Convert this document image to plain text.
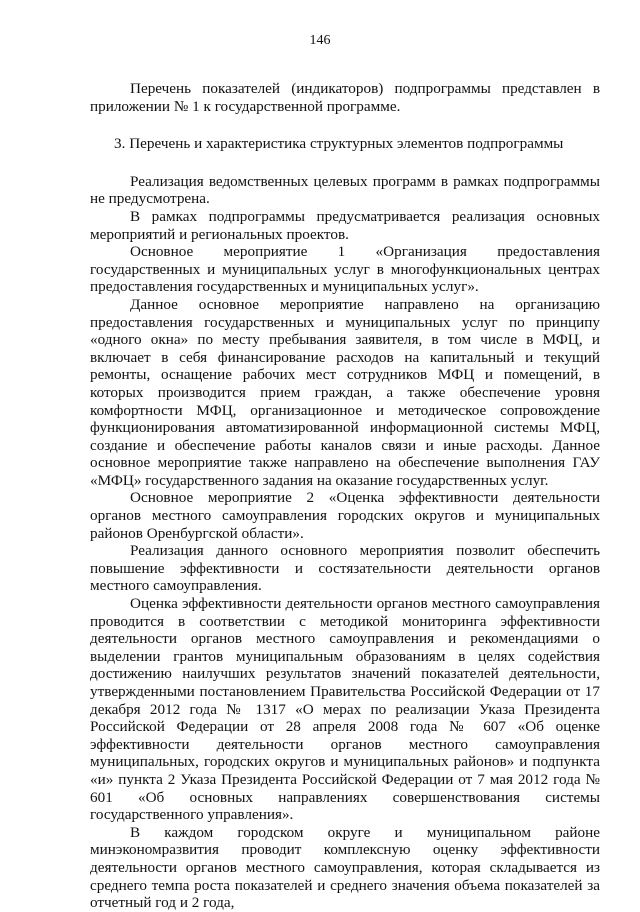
146

Перечень показателей (индикаторов) подпрограммы представлен в приложении № 1 к государственной программе.

3. Перечень и характеристика структурных элементов подпрограммы

Реализация ведомственных целевых программ в рамках подпрограммы не предусмотрена.

В рамках подпрограммы предусматривается реализация основных мероприятий и региональных проектов.

Основное мероприятие 1 «Организация предоставления государственных и муниципальных услуг в многофункциональных центрах предоставления государственных и муниципальных услуг».

Данное основное мероприятие направлено на организацию предоставления государственных и муниципальных услуг по принципу «одного окна» по месту пребывания заявителя, в том числе в МФЦ, и включает в себя финансирование расходов на капитальный и текущий ремонты, оснащение рабочих мест сотрудников МФЦ и помещений, в которых производится прием граждан, а также обеспечение уровня комфортности МФЦ, организационное и методическое сопровождение функционирования автоматизированной информационной системы МФЦ, создание и обеспечение работы каналов связи и иные расходы. Данное основное мероприятие также направлено на обеспечение выполнения ГАУ «МФЦ» государственного задания на оказание государственных услуг.

Основное мероприятие 2 «Оценка эффективности деятельности органов местного самоуправления городских округов и муниципальных районов Оренбургской области».

Реализация данного основного мероприятия позволит обеспечить повышение эффективности и состязательности деятельности органов местного самоуправления.

Оценка эффективности деятельности органов местного самоуправления проводится в соответствии с методикой мониторинга эффективности деятельности органов местного самоуправления и рекомендациями о выделении грантов муниципальным образованиям в целях содействия достижению наилучших результатов значений показателей деятельности, утвержденными постановлением Правительства Российской Федерации от 17 декабря 2012 года № 1317 «О мерах по реализации Указа Президента Российской Федерации от 28 апреля 2008 года № 607 «Об оценке эффективности деятельности органов местного самоуправления муниципальных, городских округов и муниципальных районов» и подпункта «и» пункта 2 Указа Президента Российской Федерации от 7 мая 2012 года № 601 «Об основных направлениях совершенствования системы государственного управления».

В каждом городском округе и муниципальном районе минэкономразвития проводит комплексную оценку эффективности деятельности органов местного самоуправления, которая складывается из среднего темпа роста показателей и среднего значения объема показателей за отчетный год и 2 года,
